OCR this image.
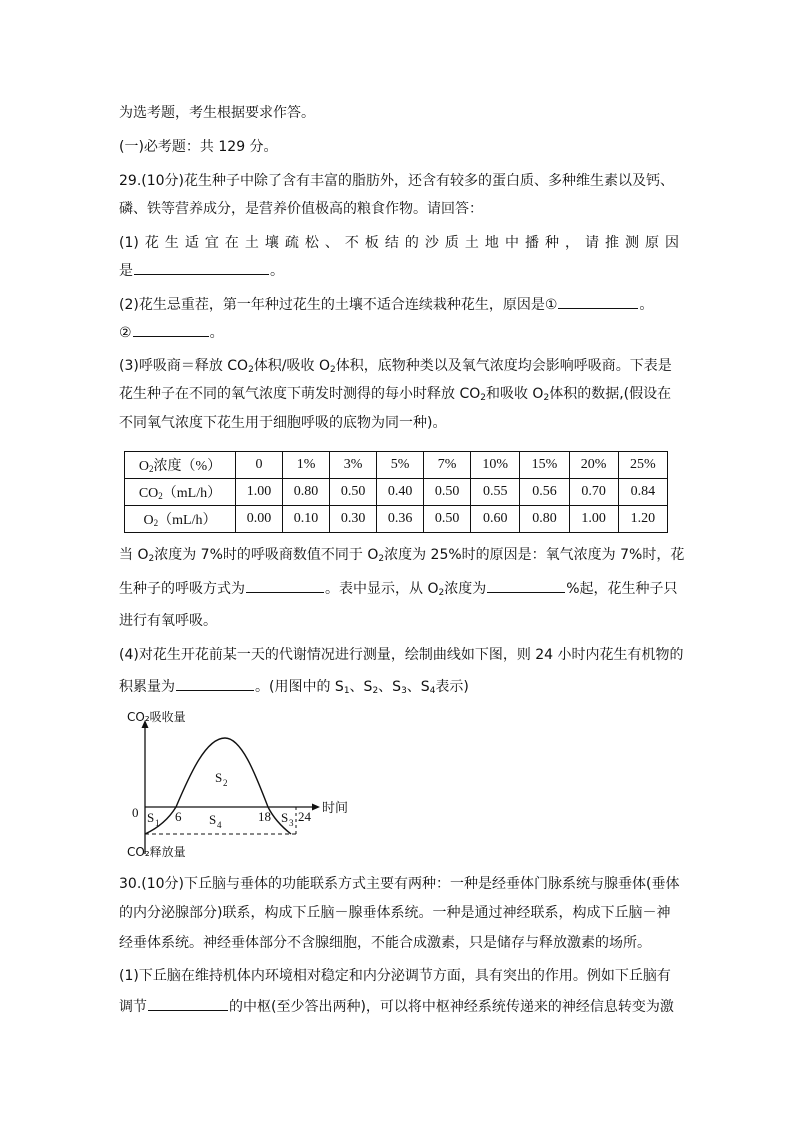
为选考题，考生根据要求作答。
(一)必考题：共 129 分。
29.(10分)花生种子中除了含有丰富的脂肪外，还含有较多的蛋白质、多种维生素以及钙、
磷、铁等营养成分，是营养价值极高的粮食作物。请回答：
(1)花生适宜在土壤疏松、不板结的沙质土地中播种，请推测原因
是	。
(2)花生忌重茬，第一年种过花生的土壤不适合连续栽种花生，原因是①	。
②	。
(3)呼吸商＝释放 $CO_2$体积/吸收 $O_2$体积，底物种类以及氧气浓度均会影响呼吸商。下表是
花生种子在不同的氧气浓度下萌发时测得的每小时释放 $CO_2$和吸收 $O_2$体积的数据,(假设在
不同氧气浓度下花生用于细胞呼吸的底物为同一种)。
$O_2$浓度（%）	0	1%	3%	5%	7%	10%	15%	20%	25%
$CO_2(mL/h)$	1.00	0.80	0.50	0.40	0.50	0.55	0.56	0.70	0.84
$O_2(mL/h)$	0.00	0.10	0.30	0.36	0.50	0.60	0.80	1.00	1.20
当 $O_2$浓度为 7%时的呼吸商数值不同于 $O_2$浓度为 25%时的原因是：氧气浓度为 7%时，花
生种子的呼吸方式为	。表中显示，从 $O_2$浓度为	%起，花生种子只
进行有氧呼吸。
(4)对花生开花前某一天的代谢情况进行测量，绘制曲线如下图，则 24 小时内花生有机物的
积累量为	。(用图中的 $S_1$、$S_2$、$S_3$、$S_4$表示)
CO₂吸收量
CO₂释放量
时间
0	6	18 24
S 1
S 2
S 3
S 4
30.(10分)下丘脑与垂体的功能联系方式主要有两种：一种是经垂体门脉系统与腺垂体(垂体
的内分泌腺部分)联系，构成下丘脑－腺垂体系统。一种是通过神经联系，构成下丘脑－神
经垂体系统。神经垂体部分不含腺细胞，不能合成激素，只是储存与释放激素的场所。
(1)下丘脑在维持机体内环境相对稳定和内分泌调节方面，具有突出的作用。例如下丘脑有
调节	的中枢(至少答出两种)，可以将中枢神经系统传递来的神经信息转变为激
